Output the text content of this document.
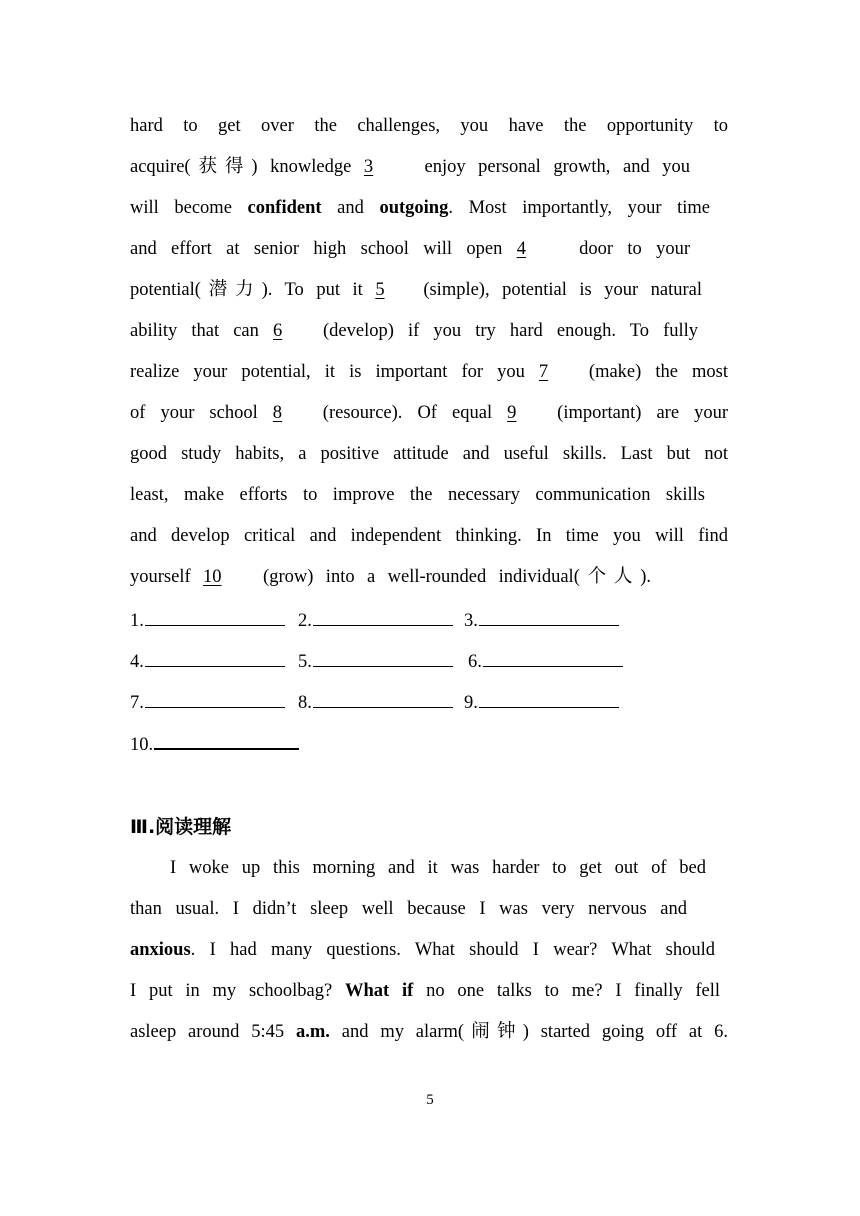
hard to get over the challenges, you have the opportunity to
acquire(获得) knowledge 3	enjoy personal growth, and you
will become confident and outgoing. Most importantly, your time
and effort at senior high school will open 4	door to your
potential(潜力). To put it 5 (simple), potential is your natural
ability that can 6 (develop) if you try hard enough. To fully
realize your potential, it is important for you 7 (make) the most
of your school 8 (resource). Of equal 9 (important) are your
good study habits, a positive attitude and useful skills. Last but not
least, make efforts to improve the necessary communication skills
and develop critical and independent thinking. In time you will find
yourself 10 (grow) into a well-rounded individual(个人).
1.	2.	3.
4.	5.	6.
7.	8.	9.
10.
Ⅲ.阅读理解
I woke up this morning and it was harder to get out of bed
than usual. I didn’t sleep well because I was very nervous and
anxious. I had many questions. What should I wear? What should
I put in my schoolbag? What if no one talks to me? I finally fell
asleep around 5:45 a.m. and my alarm(闹钟) started going off at 6.
5
